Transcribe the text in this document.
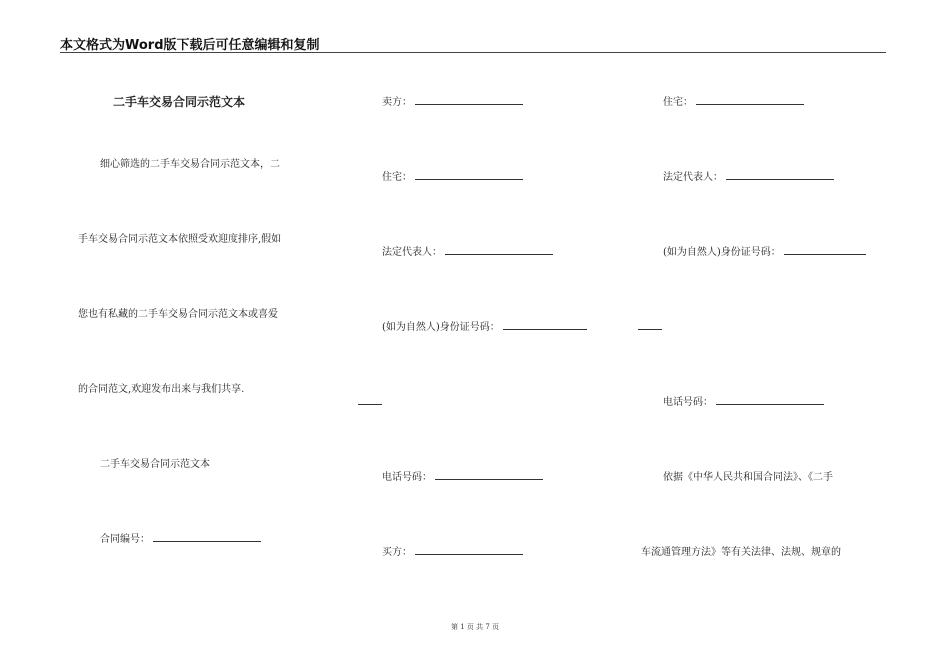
本文格式为Word版下载后可任意编辑和复制
二手车交易合同示范文本
细心筛选的二手车交易合同示范文本，二
手车交易合同示范文本依照受欢迎度排序,假如
您也有私藏的二手车交易合同示范文本或喜爱
的合同范文,欢迎发布出来与我们共享.
二手车交易合同示范文本
合同编号：
卖方：
住宅：
法定代表人：
(如为自然人)身份证号码：
电话号码：
买方：
住宅：
法定代表人：
(如为自然人)身份证号码：
电话号码：
依据《中华人民共和国合同法》、《二手
车流通管理方法》等有关法律、法规、规章的
第 1 页 共 7 页
